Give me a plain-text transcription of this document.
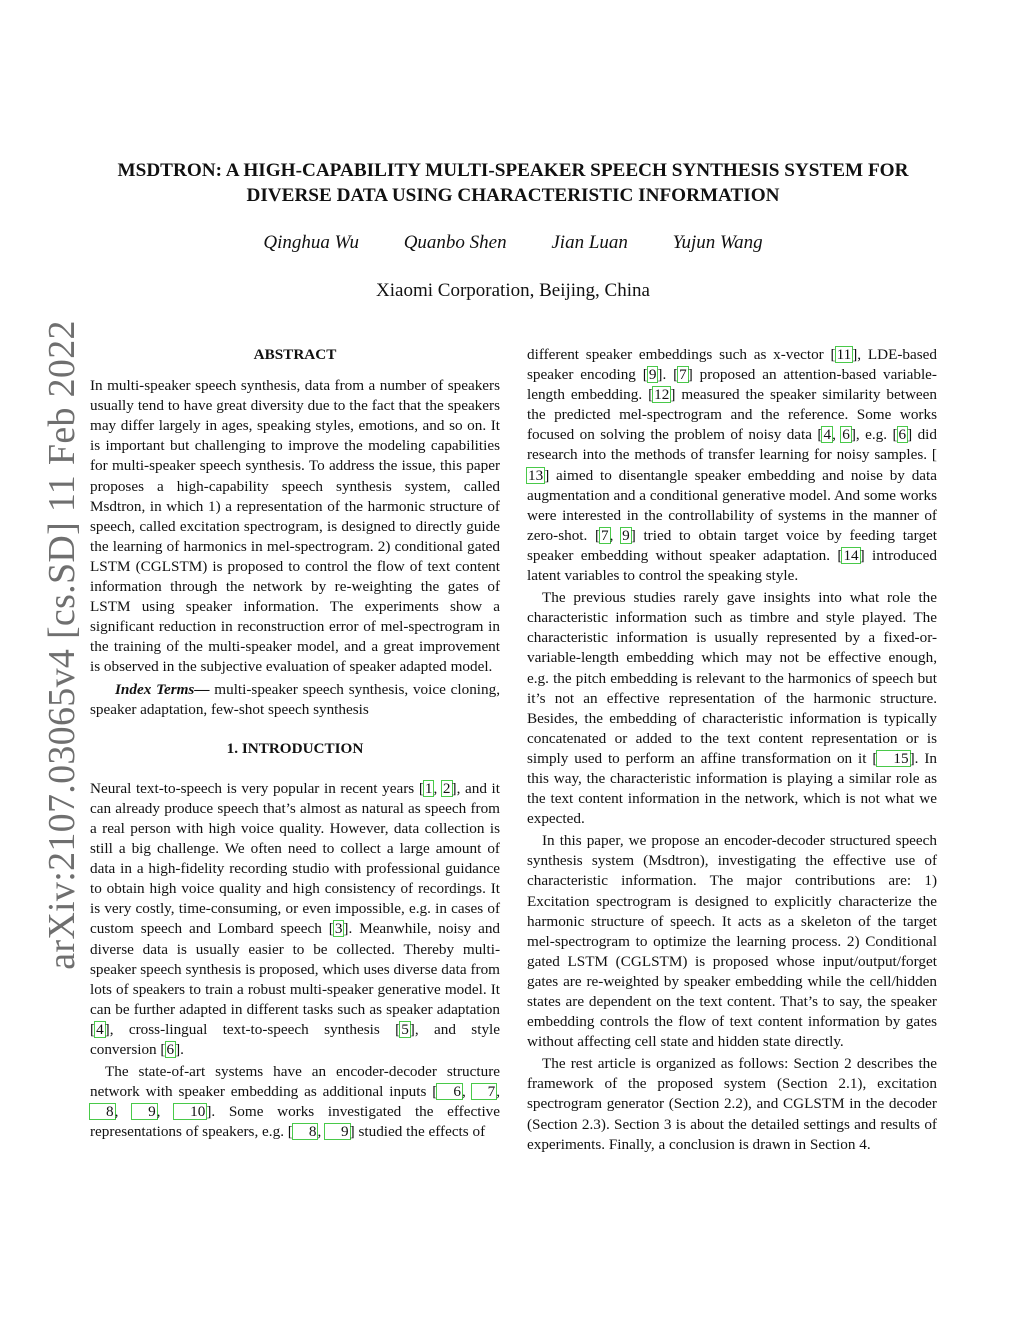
arXiv:2107.03065v4 [cs.SD] 11 Feb 2022
MSDTRON: A HIGH-CAPABILITY MULTI-SPEAKER SPEECH SYNTHESIS SYSTEM FOR DIVERSE DATA USING CHARACTERISTIC INFORMATION
Qinghua Wu Quanbo Shen Jian Luan Yujun Wang
Xiaomi Corporation, Beijing, China
ABSTRACT

In multi-speaker speech synthesis, data from a number of speakers usually tend to have great diversity due to the fact that the speakers may differ largely in ages, speaking styles, emotions, and so on. It is important but challenging to improve the modeling capabilities for multi-speaker speech synthesis. To address the issue, this paper proposes a high-capability speech synthesis system, called Msdtron, in which 1) a representation of the harmonic structure of speech, called excitation spectrogram, is designed to directly guide the learning of harmonics in mel-spectrogram. 2) conditional gated LSTM (CGLSTM) is proposed to control the flow of text content information through the network by re-weighting the gates of LSTM using speaker information. The experiments show a significant reduction in reconstruction error of mel-spectrogram in the training of the multi-speaker model, and a great improvement is observed in the subjective evaluation of speaker adapted model.

Index Terms— multi-speaker speech synthesis, voice cloning, speaker adaptation, few-shot speech synthesis

1. INTRODUCTION

Neural text-to-speech is very popular in recent years [1, 2], and it can already produce speech that’s almost as natural as speech from a real person with high voice quality. However, data collection is still a big challenge. We often need to collect a large amount of data in a high-fidelity recording studio with professional guidance to obtain high voice quality and high consistency of recordings. It is very costly, time-consuming, or even impossible, e.g. in cases of custom speech and Lombard speech [3]. Meanwhile, noisy and diverse data is usually easier to be collected. Thereby multi-speaker speech synthesis is proposed, which uses diverse data from lots of speakers to train a robust multi-speaker generative model. It can be further adapted in different tasks such as speaker adaptation [4], cross-lingual text-to-speech synthesis [5], and style conversion [6].

The state-of-art systems have an encoder-decoder structure network with speaker embedding as additional inputs [ 6, 7, 8, 9, 10]. Some works investigated the effective representations of speakers, e.g. [ 8, 9] studied the effects of

different speaker embeddings such as x-vector [11], LDE-based speaker encoding [9]. [7] proposed an attention-based variable-length embedding. [12] measured the speaker similarity between the predicted mel-spectrogram and the reference. Some works focused on solving the problem of noisy data [4, 6], e.g. [6] did research into the methods of transfer learning for noisy samples. [13] aimed to disentangle speaker embedding and noise by data augmentation and a conditional generative model. And some works were interested in the controllability of systems in the manner of zero-shot. [7, 9] tried to obtain target voice by feeding target speaker embedding without speaker adaptation. [14] introduced latent variables to control the speaking style.

The previous studies rarely gave insights into what role the characteristic information such as timbre and style played. The characteristic information is usually represented by a fixed-or-variable-length embedding which may not be effective enough, e.g. the pitch embedding is relevant to the harmonics of speech but it’s not an effective representation of the harmonic structure. Besides, the embedding of characteristic information is typically concatenated or added to the text content representation or is simply used to perform an affine transformation on it [ 15]. In this way, the characteristic information is playing a similar role as the text content information in the network, which is not what we expected.

In this paper, we propose an encoder-decoder structured speech synthesis system (Msdtron), investigating the effective use of characteristic information. The major contributions are: 1) Excitation spectrogram is designed to explicitly characterize the harmonic structure of speech. It acts as a skeleton of the target mel-spectrogram to optimize the learning process. 2) Conditional gated LSTM (CGLSTM) is proposed whose input/output/forget gates are re-weighted by speaker embedding while the cell/hidden states are dependent on the text content. That’s to say, the speaker embedding controls the flow of text content information by gates without affecting cell state and hidden state directly.

The rest article is organized as follows: Section 2 describes the framework of the proposed system (Section 2.1), excitation spectrogram generator (Section 2.2), and CGLSTM in the decoder (Section 2.3). Section 3 is about the detailed settings and results of experiments. Finally, a conclusion is drawn in Section 4.
